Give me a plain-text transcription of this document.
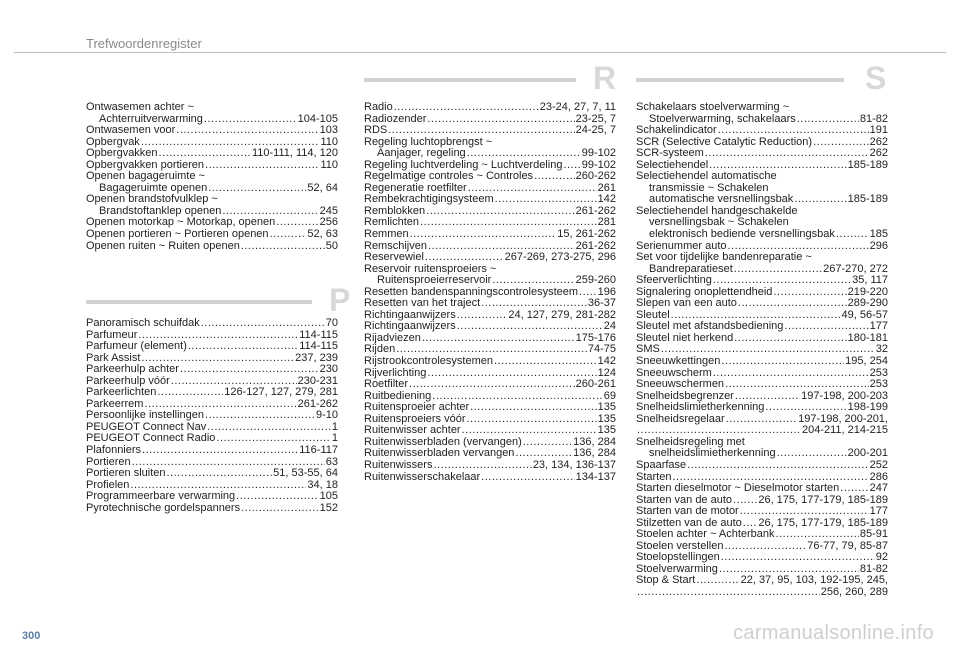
Trefwoordenregister
R	S
P
Ontwasemen achter ~
Achterruitverwarming .....	104-105
Ontwasemen voor .....	103
Opbergvak .....	110
Opbergvakken .....	110-111, 114, 120
Opbergvakken portieren .....	110
Openen bagageruimte ~
Bagageruimte openen .....	52, 64
Openen brandstofvulklep ~
Brandstoftanklep openen .....	245
Openen motorkap ~ Motorkap, openen .....	256
Openen portieren ~ Portieren openen .....	52, 63
Openen ruiten ~ Ruiten openen .....	50
Panoramisch schuifdak .....	70
Parfumeur .....	114-115
Parfumeur (element) .....	114-115
Park Assist .....	237, 239
Parkeerhulp achter .....	230
Parkeerhulp vóór .....	230-231
Parkeerlichten .....	126-127, 127, 279, 281
Parkeerrem .....	261-262
Persoonlijke instellingen .....	9-10
PEUGEOT Connect Nav .....	1
PEUGEOT Connect Radio .....	1
Plafonniers .....	116-117
Portieren .....	63
Portieren sluiten .....	51, 53-55, 64
Profielen .....	34, 18
Programmeerbare verwarming .....	105
Pyrotechnische gordelspanners .....	152
Radio .....	23-24, 27, 7, 11
Radiozender .....	23-25, 7
RDS .....	24-25, 7
Regeling luchtopbrengst ~
Aanjager, regeling .....	99-102
Regeling luchtverdeling ~ Luchtverdeling ..... 99-102
Regelmatige controles ~ Controles .....	260-262
Regeneratie roetfilter .....	261
Rembekrachtigingsysteem .....	142
Remblokken .....	261-262
Remlichten .....	281
Remmen .....	15, 261-262
Remschijven .....	261-262
Reservewiel .....	267-269, 273-275, 296
Reservoir ruitensproeiers ~
Ruitensproeierreservoir .....	259-260
Resetten bandenspanningscontrolesysteem ..... 196
Resetten van het traject .....	36-37
Richtingaanwijzers .....	24, 127, 279, 281-282
Richtingaanwijzers .....	24
Rijadviezen .....	175-176
Rijden .....	74-75
Rijstrookcontrolesystemen .....	142
Rijverlichting .....	124
Roetfilter .....	260-261
Ruitbediening .....	69
Ruitensproeier achter .....	135
Ruitensproeiers vóór .....	135
Ruitenwisser achter .....	135
Ruitenwisserbladen (vervangen) .....	136, 284
Ruitenwisserbladen vervangen .....	136, 284
Ruitenwissers .....	23, 134, 136-137
Ruitenwisserschakelaar .....	134-137
Schakelaars stoelverwarming ~
Stoelverwarming, schakelaars .....	81-82
Schakelindicator .....	191
SCR (Selective Catalytic Reduction) .....	262
SCR-systeem .....	262
Selectiehendel .....	185-189
Selectiehendel automatische
transmissie ~ Schakelen
automatische versnellingsbak .....	185-189
Selectiehendel handgeschakelde
versnellingsbak ~ Schakelen
elektronisch bediende versnellingsbak .....	185
Serienummer auto .....	296
Set voor tijdelijke bandenreparatie ~
Bandreparatieset .....	267-270, 272
Sfeerverlichting .....	35, 117
Signalering onoplettendheid .....	219-220
Slepen van een auto .....	289-290
Sleutel .....	49, 56-57
Sleutel met afstandsbediening .....	177
Sleutel niet herkend .....	180-181
SMS .....	32
Sneeuwkettingen .....	195, 254
Sneeuwscherm .....	253
Sneeuwschermen .....	253
Snelheidsbegrenzer .....	197-198, 200-203
Snelheidslimietherkenning .....	198-199
Snelheidsregelaar .....	197-198, 200-201,
.....
204-211, 214-215
Snelheidsregeling met
snelheidslimietherkenning .....	200-201
Spaarfase .....	252
Starten .....	286
Starten dieselmotor ~ Dieselmotor starten .....	247
Starten van de auto ..... 26, 175, 177-179, 185-189
Starten van de motor .....	177
Stilzetten van de auto ..... 26, 175, 177-179, 185-189
Stoelen achter ~ Achterbank .....	85-91
Stoelen verstellen .....	76-77, 79, 85-87
Stoelopstellingen .....	92
Stoelverwarming .....	81-82
Stop & Start .....	22, 37, 95, 103, 192-195, 245,
.....
256, 260, 289
300	carmanualsonline.info
